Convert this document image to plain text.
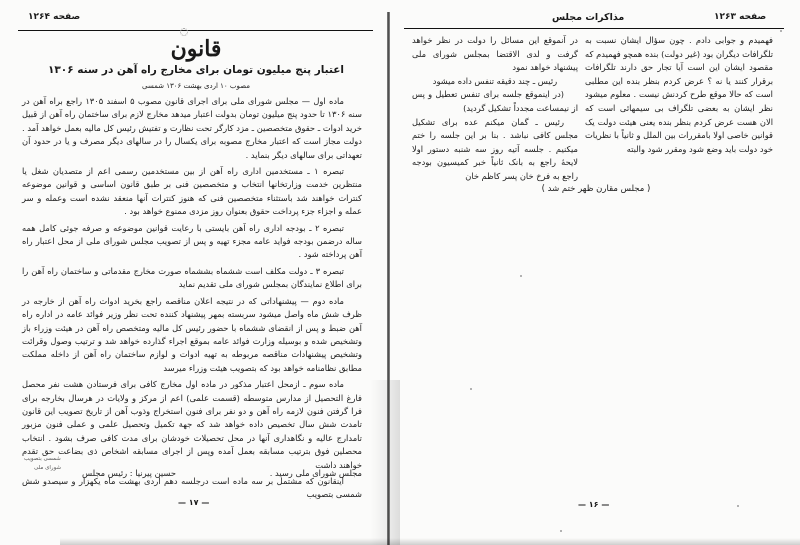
صفحه ۱۲۶۴
قانون
اعتبار پنج میلیون تومان برای مخارج راه آهن در سنه ۱۳۰۶
مصوب ۱۰ اردی بهشت ۱۳۰۶ شمسی

ماده اول — مجلس شورای ملی برای اجرای قانون مصوب ۵ اسفند ۱۳۰۵ راجع براه آهن در سنه ۱۳۰۶ تا حدود پنج میلیون تومان بدولت اعتبار میدهد مخارج لازم برای ساختمان راه آهن از قبیل خرید ادوات ـ حقوق متخصصین ـ مزد کارگر تحت نظارت و تفتیش رئیس کل مالیه بعمل خواهد آمد . دولت مجاز است که اعتبار مخارج مصوبه برای یکسال را در سالهای دیگر مصرف و یا در حدود آن تعهداتی برای سالهای دیگر بنماید .

تبصره ۱ ـ مستخدمین اداری راه آهن از بین مستخدمین رسمی اعم از متصدیان شغل یا منتظرین خدمت وزارتخانها انتخاب و متخصصین فنی بر طبق قانون اساسی و قوانین موضوعه کنترات خواهند شد باستثناء متخصصین فنی که هنوز کنترات آنها منعقد نشده است وعمله و سر عمله و اجزاء جزء پرداخت حقوق بعنوان روز مزدی ممنوع خواهد بود .

تبصره ۲ ـ بودجه اداری راه آهن بایستی با رعایت قوانین موضوعه و صرفه جوئی کامل همه ساله درضمن بودجه فواید عامه مجزء تهیه و پس از تصویب مجلس شورای ملی از محل اعتبار راه آهن پرداخته شود .

تبصره ۳ ـ دولت مکلف است ششماه بششماه صورت مخارج مقدماتی و ساختمان راه آهن را برای اطلاع نمایندگان بمجلس شورای ملی تقدیم نماید

ماده دوم — پیشنهاداتی که در نتیجه اعلان مناقصه راجع بخرید ادوات راه آهن از خارجه در ظرف شش ماه واصل میشود سربسته بمهر پیشنهاد کننده تحت نظر وزیر فوائد عامه در اداره راه آهن ضبط و پس از انقضای ششماه با حضور رئیس کل مالیه ومتخصص راه آهن در هیئت وزراء باز وتشخیص شده و بوسیله وزارت فوائد عامه بموقع اجراء گذارده خواهد شد و ترتیب وصول وقرائت وتشخیص پیشنهادات مناقصه مربوطه به تهیه ادوات و لوازم ساختمان راه آهن از داخله مملکت مطابق نظامنامه خواهد بود که بتصویب هیئت وزراء میرسد

ماده سوم ـ ازمحل اعتبار مذکور در ماده اول مخارج کافی برای فرستادن هشت نفر محصل فارغ التحصیل از مدارس متوسطه (قسمت علمی) اعم از مرکز و ولایات در هرسال بخارجه برای فرا گرفتن فنون لازمه راه آهن و دو نفر برای فنون استخراج وذوب آهن از تاریخ تصویب این قانون تامدت شش سال تخصیص داده خواهد شد که جهة تکمیل وتحصیل علمی و عملی فنون مزبور تامدارج عالیه و نگاهداری آنها در محل تحصیلات خودشان برای مدت کافی صرف بشود . انتخاب محصلین فوق بترتیب مسابقه بعمل آمده وپس از اجرای مسابقه اشخاص ذی بضاعت حق تقدم خواهند داشت

اینقانون که مشتمل بر سه ماده است درجلسه دهم اردی بهشت ماه یکهزار و سیصدو شش شمسی بتصویب

مجلس شورای ملی رسید .
حسین پیرنیا : رئیس مجلس
شمسی بتصویب
شورای ملی
— ۱۷ —
صفحه ۱۲۶۳
مذاکرات مجلس

فهمیدم و جوابی دادم . چون سؤال ایشان نسبت به تلگرافات دیگران بود (غیر دولت) بنده همچو فهمیدم که مقصود ایشان این است آیا تجار حق دارند تلگرافات برقرار کنند یا نه ؟ عرض کردم بنظر بنده این مطلبی است که حالا موقع طرح کردنش نیست . معلوم میشود نظر ایشان به بعضی تلگراف بی سیمهائی است که الان هست عرض کردم بنظر بنده یعنی هیئت دولت یک قوانین خاصی اولا بامقررات بین الملل و ثانیاً با نظریات خود دولت باید وضع شود ومقرر شود والبته

در آنموقع این مسائل را دولت در نظر خواهد گرفت و لدی الاقتضا بمجلس شورای ملی پیشنهاد خواهد نمود

رئیس ـ چند دقیقه تنفس داده میشود

(در اینموقع جلسه برای تنفس تعطیل و پس از نیمساعت مجدداً تشکیل گردید)

رئیس ـ گمان میکنم عده برای تشکیل مجلس کافی نباشد . بنا بر این جلسه را ختم میکنیم . جلسه آتیه روز سه شنبه دستور اولا لایحهٔ راجع به بانک ثانیاً خبر کمیسیون بودجه راجع به فرخ خان پسر کاظم خان

( مجلس مقارن ظهر ختم شد )
— ۱۶ —
